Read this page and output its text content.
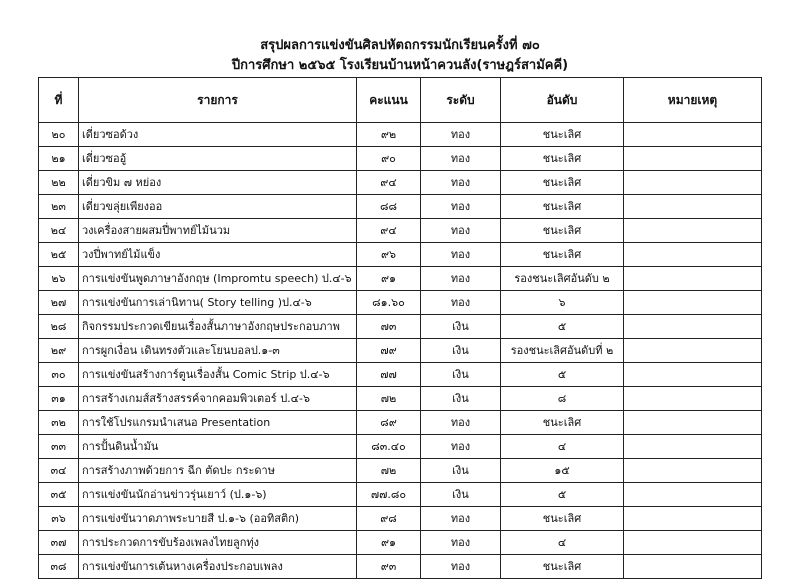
สรุปผลการแข่งขันศิลปหัตถกรรมนักเรียนครั้งที่ ๗๐
ปีการศึกษา ๒๕๖๕ โรงเรียนบ้านหน้าควนลัง(ราษฎร์สามัคคี)
ที่	รายการ	คะแนน	ระดับ	อันดับ	หมายเหตุ
๒๐	เดี่ยวซอด้วง	๙๒	ทอง	ชนะเลิศ	
๒๑	เดี่ยวซออู้	๙๐	ทอง	ชนะเลิศ	
๒๒	เดี่ยวขิม ๗ หย่อง	๙๔	ทอง	ชนะเลิศ	
๒๓	เดี่ยวขลุ่ยเพียงออ	๘๘	ทอง	ชนะเลิศ	
๒๔	วงเครื่องสายผสมปี่พาทย์ไม้นวม	๙๔	ทอง	ชนะเลิศ	
๒๕	วงปี่พาทย์ไม้แข็ง	๙๖	ทอง	ชนะเลิศ	
๒๖	การแข่งขันพูดภาษาอังกฤษ (Impromtu speech) ป.๔-๖	๙๑	ทอง	รองชนะเลิศอันดับ ๒	
๒๗	การแข่งขันการเล่านิทาน( Story telling )ป.๔-๖	๘๑.๖๐	ทอง	๖	
๒๘	กิจกรรมประกวดเขียนเรื่องสั้นภาษาอังกฤษประกอบภาพ	๗๓	เงิน	๕	
๒๙	การผูกเงื่อน เดินทรงตัวและโยนบอลป.๑-๓	๗๙	เงิน	รองชนะเลิศอันดับที่ ๒	
๓๐	การแข่งขันสร้างการ์ตูนเรื่องสั้น Comic Strip ป.๔-๖	๗๗	เงิน	๕	
๓๑	การสร้างเกมส์สร้างสรรค์จากคอมพิวเตอร์ ป.๔-๖	๗๒	เงิน	๘	
๓๒	การใช้โปรแกรมนำเสนอ Presentation	๘๙	ทอง	ชนะเลิศ	
๓๓	การปั้นดินน้ำมัน	๘๓.๔๐	ทอง	๔	
๓๔	การสร้างภาพด้วยการ ฉีก ตัดปะ กระดาษ	๗๒	เงิน	๑๕	
๓๕	การแข่งขันนักอ่านข่าวรุ่นเยาว์ (ป.๑-๖)	๗๗.๘๐	เงิน	๕	
๓๖	การแข่งขันวาดภาพระบายสี ป.๑-๖ (ออทิสติก)	๙๘	ทอง	ชนะเลิศ	
๓๗	การประกวดการขับร้องเพลงไทยลูกทุ่ง	๙๑	ทอง	๔	
๓๘	การแข่งขันการเต้นหางเครื่องประกอบเพลง	๙๓	ทอง	ชนะเลิศ	
